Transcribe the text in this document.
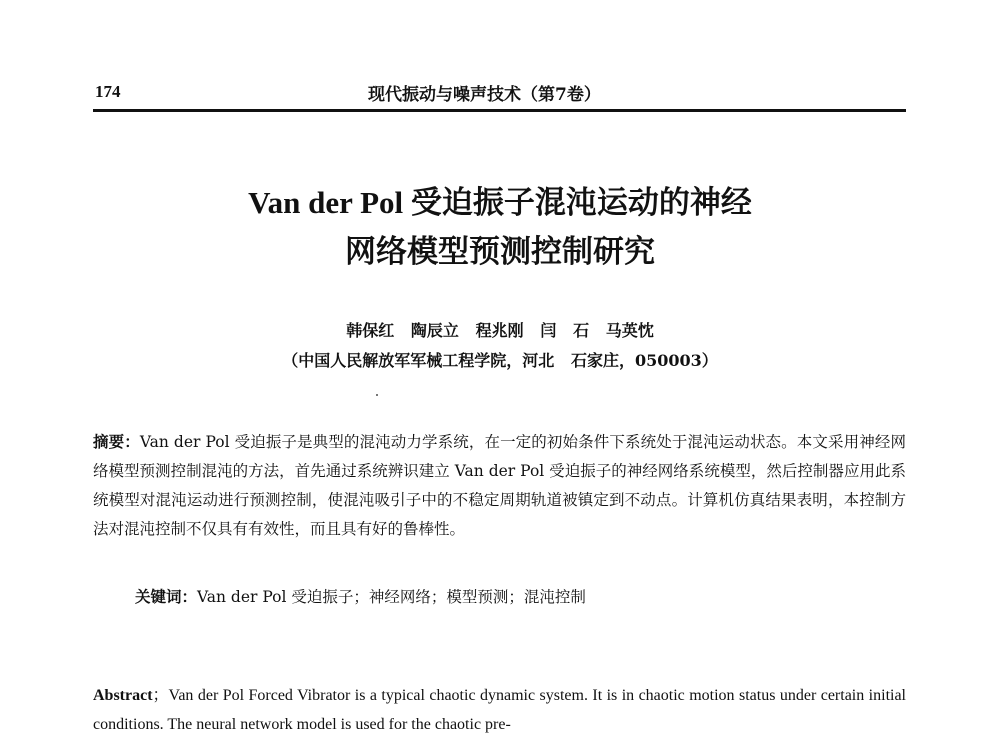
174	现代振动与噪声技术（第7卷）
Van der Pol 受迫振子混沌运动的神经
网络模型预测控制研究
韩保红   陶辰立   程兆刚   闫   石   马英忱
（中国人民解放军军械工程学院，河北   石家庄，050003）
摘要：Van der Pol 受迫振子是典型的混沌动力学系统，在一定的初始条件下系统处于混沌运动状态。本文采用神经网络模型预测控制混沌的方法，首先通过系统辨识建立 Van der Pol 受迫振子的神经网络系统模型，然后控制器应用此系统模型对混沌运动进行预测控制，使混沌吸引子中的不稳定周期轨道被镇定到不动点。计算机仿真结果表明，本控制方法对混沌控制不仅具有有效性，而且具有好的鲁棒性。
关键词：Van der Pol 受迫振子；神经网络；模型预测；混沌控制
Abstract；Van der Pol Forced Vibrator is a typical chaotic dynamic system. It is in chaotic motion status under certain initial conditions. The neural network model is used for the chaotic pre-
